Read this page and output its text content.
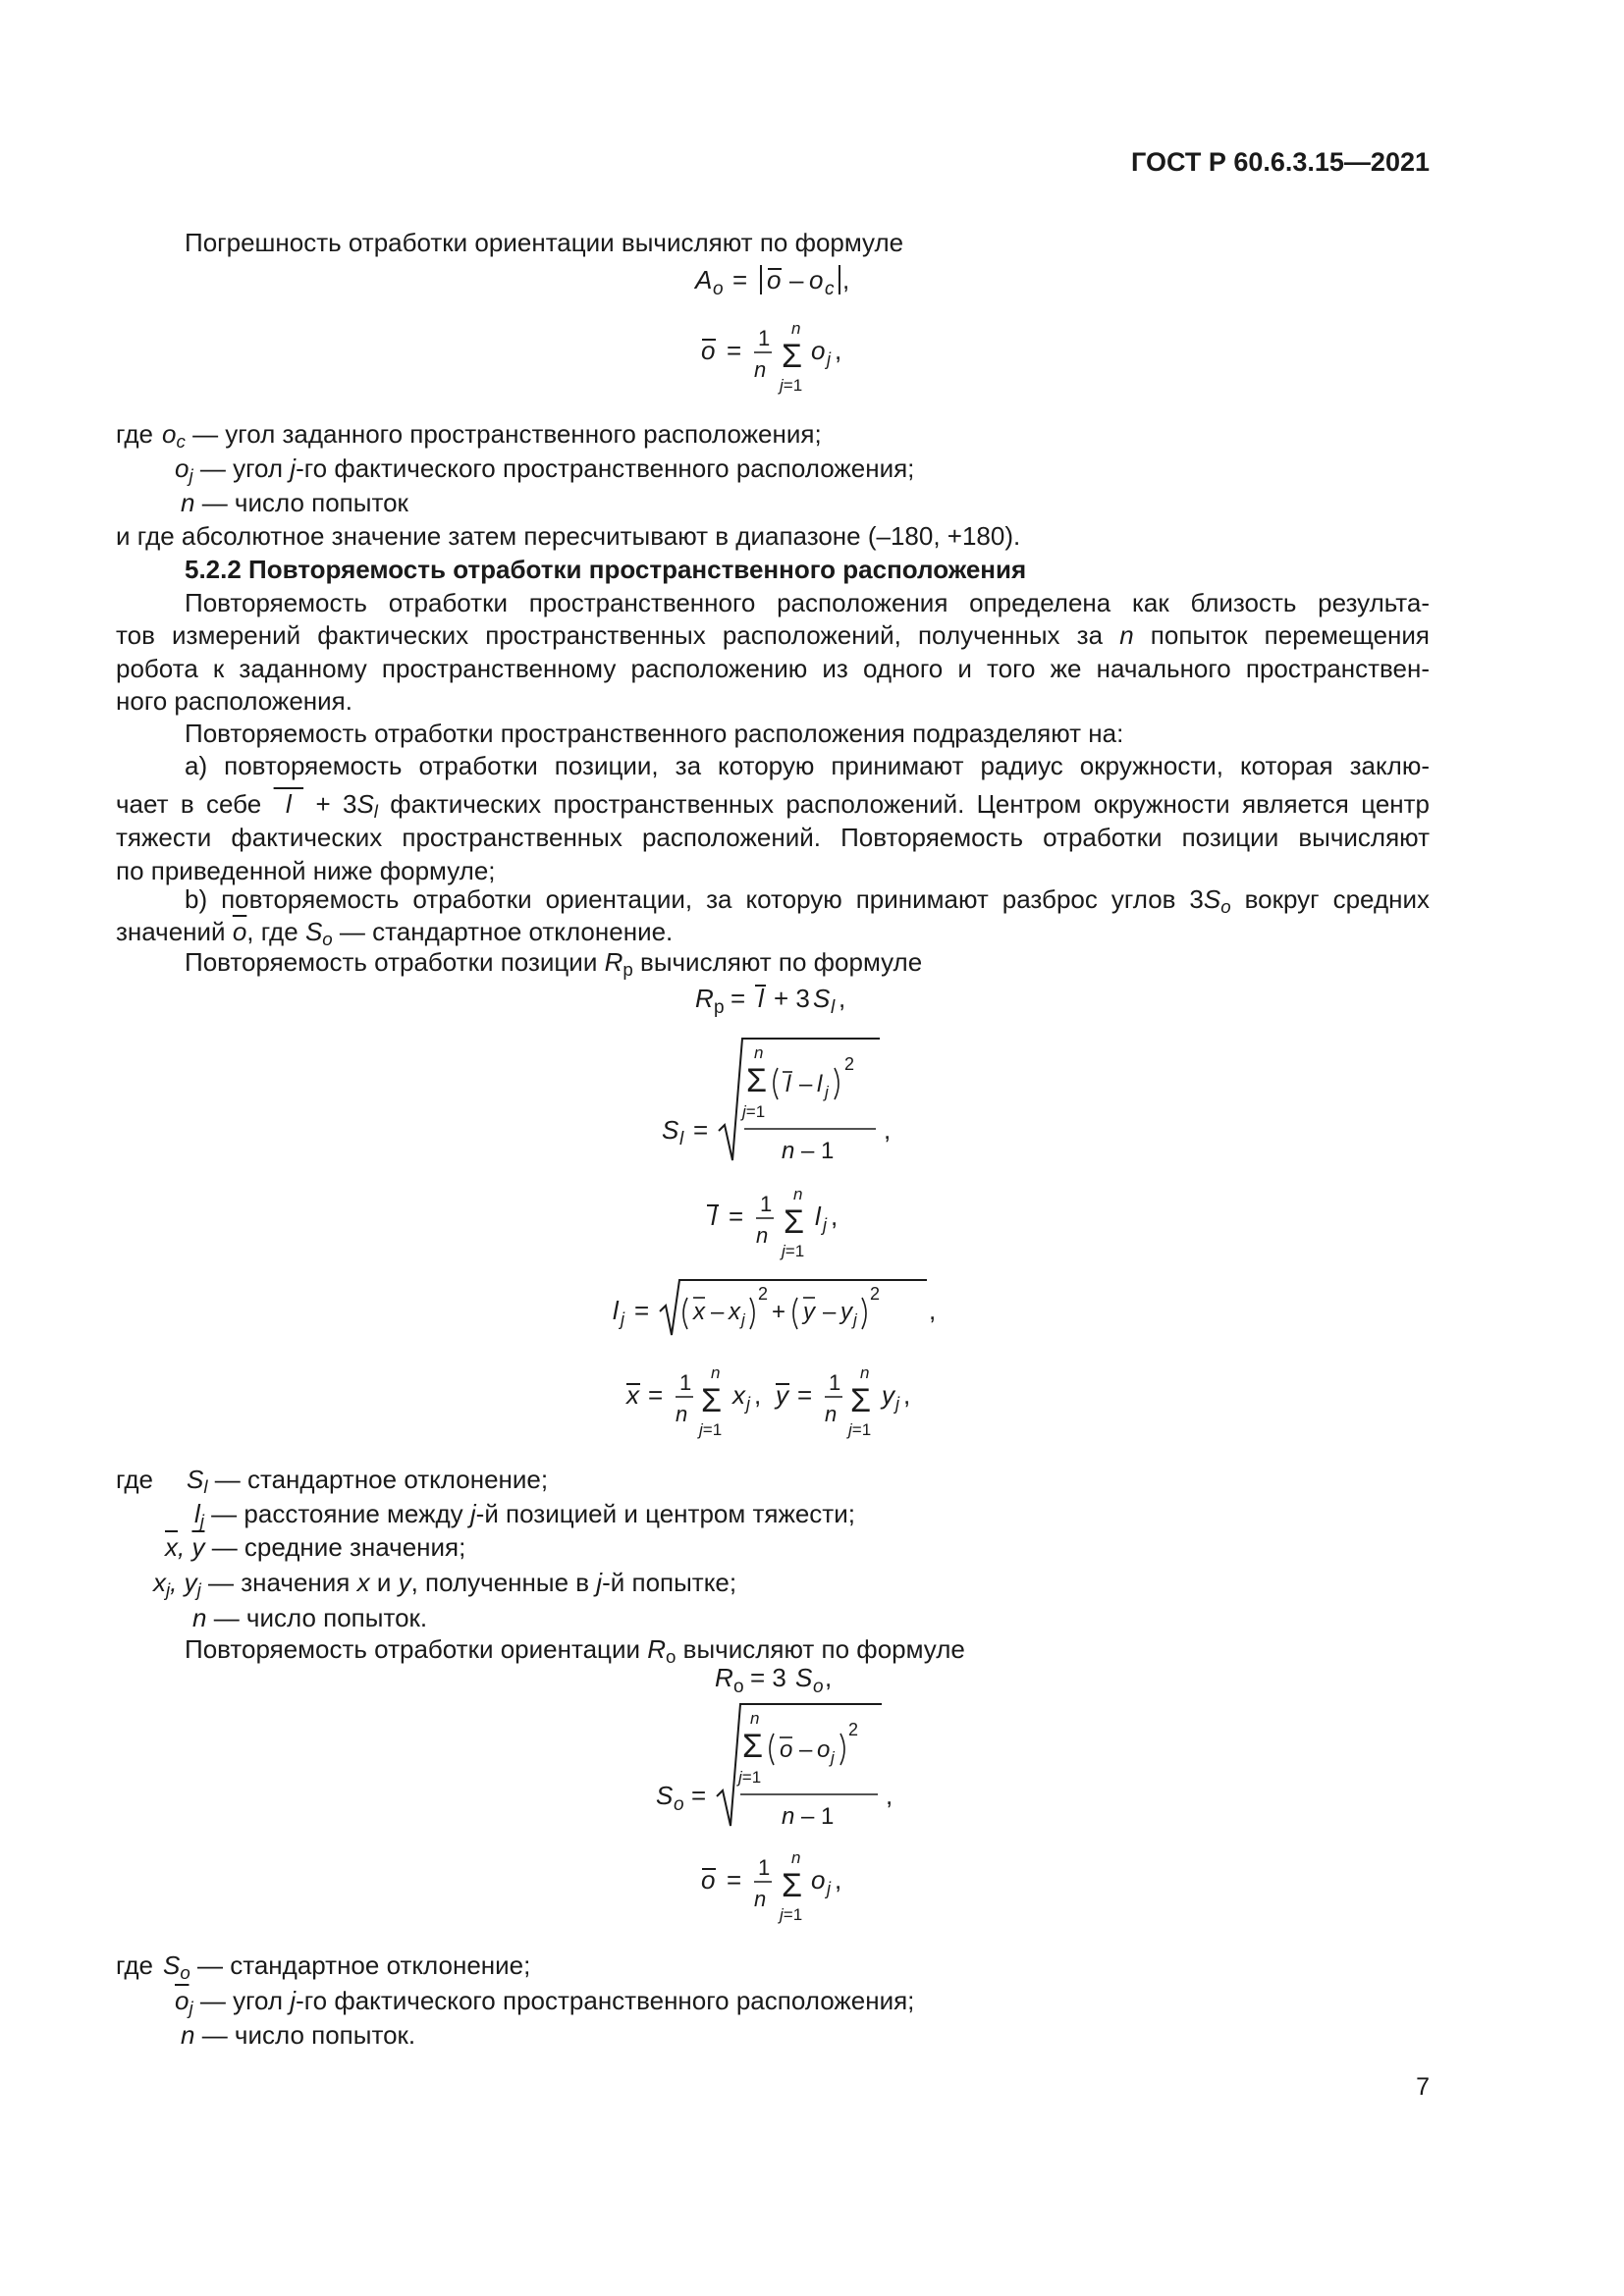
ГОСТ Р 60.6.3.15—2021

Погрешность отработки ориентации вычисляют по формуле

A o = o – o c ,
o = 1
n Σ
n
j=1
o j ,
где $o_c$ — угол заданного пространственного расположения;
$o_j$ — угол j-го фактического пространственного расположения;
n — число попыток

и где абсолютное значение затем пересчитывают в диапазоне (–180, +180).

5.2.2 Повторяемость отработки пространственного расположения

Повторяемость отработки пространственного расположения определена как близость результа-

тов измерений фактических пространственных расположений, полученных за n попыток перемещения

робота к заданному пространственному расположению из одного и того же начального пространствен-

ного расположения.

Повторяемость отработки пространственного расположения подразделяют на:

а) повторяемость отработки позиции, за которую принимают радиус окружности, которая заклю-

чает в себе  $l + 3S_l$ фактических пространственных расположений. Центром окружности является центр

тяжести фактических пространственных расположений. Повторяемость отработки позиции вычисляют

по приведенной ниже формуле;

b) повторяемость отработки ориентации, за которую принимают разброс углов $3S_o$ вокруг средних

значений $\overline{o}$, где $S_o$ — стандартное отклонение.

Повторяемость отработки позиции $R_p$ вычисляют по формуле

R p = l + 3 S l ,
S l =
Σ
n
j=1
l – l j
2
n – 1
,
l = 1
n Σ
n
j=1
l j ,
l j = x – x j
2
+ y – y j
2
,
x = 1
n Σ
n
j=1
x j , y = 1
n Σ
n
j=1
y j ,
где $S_l$ — стандартное отклонение;
$l_j$ — расстояние между j-й позицией и центром тяжести;
$\overline{x}$, $\overline{y}$ — средние значения;
$x_j$, $y_j$ — значения x и y, полученные в j-й попытке;
n — число попыток.

Повторяемость отработки ориентации $R_o$ вычисляют по формуле

R o = 3 S o ,
S o =
Σ
n
j=1
o – o j
2
n – 1
,
o = 1
n Σ
n
j=1
o j ,
где $S_o$ — стандартное отклонение;
$\overline{o}_j$ — угол j-го фактического пространственного расположения;
n — число попыток.
7
